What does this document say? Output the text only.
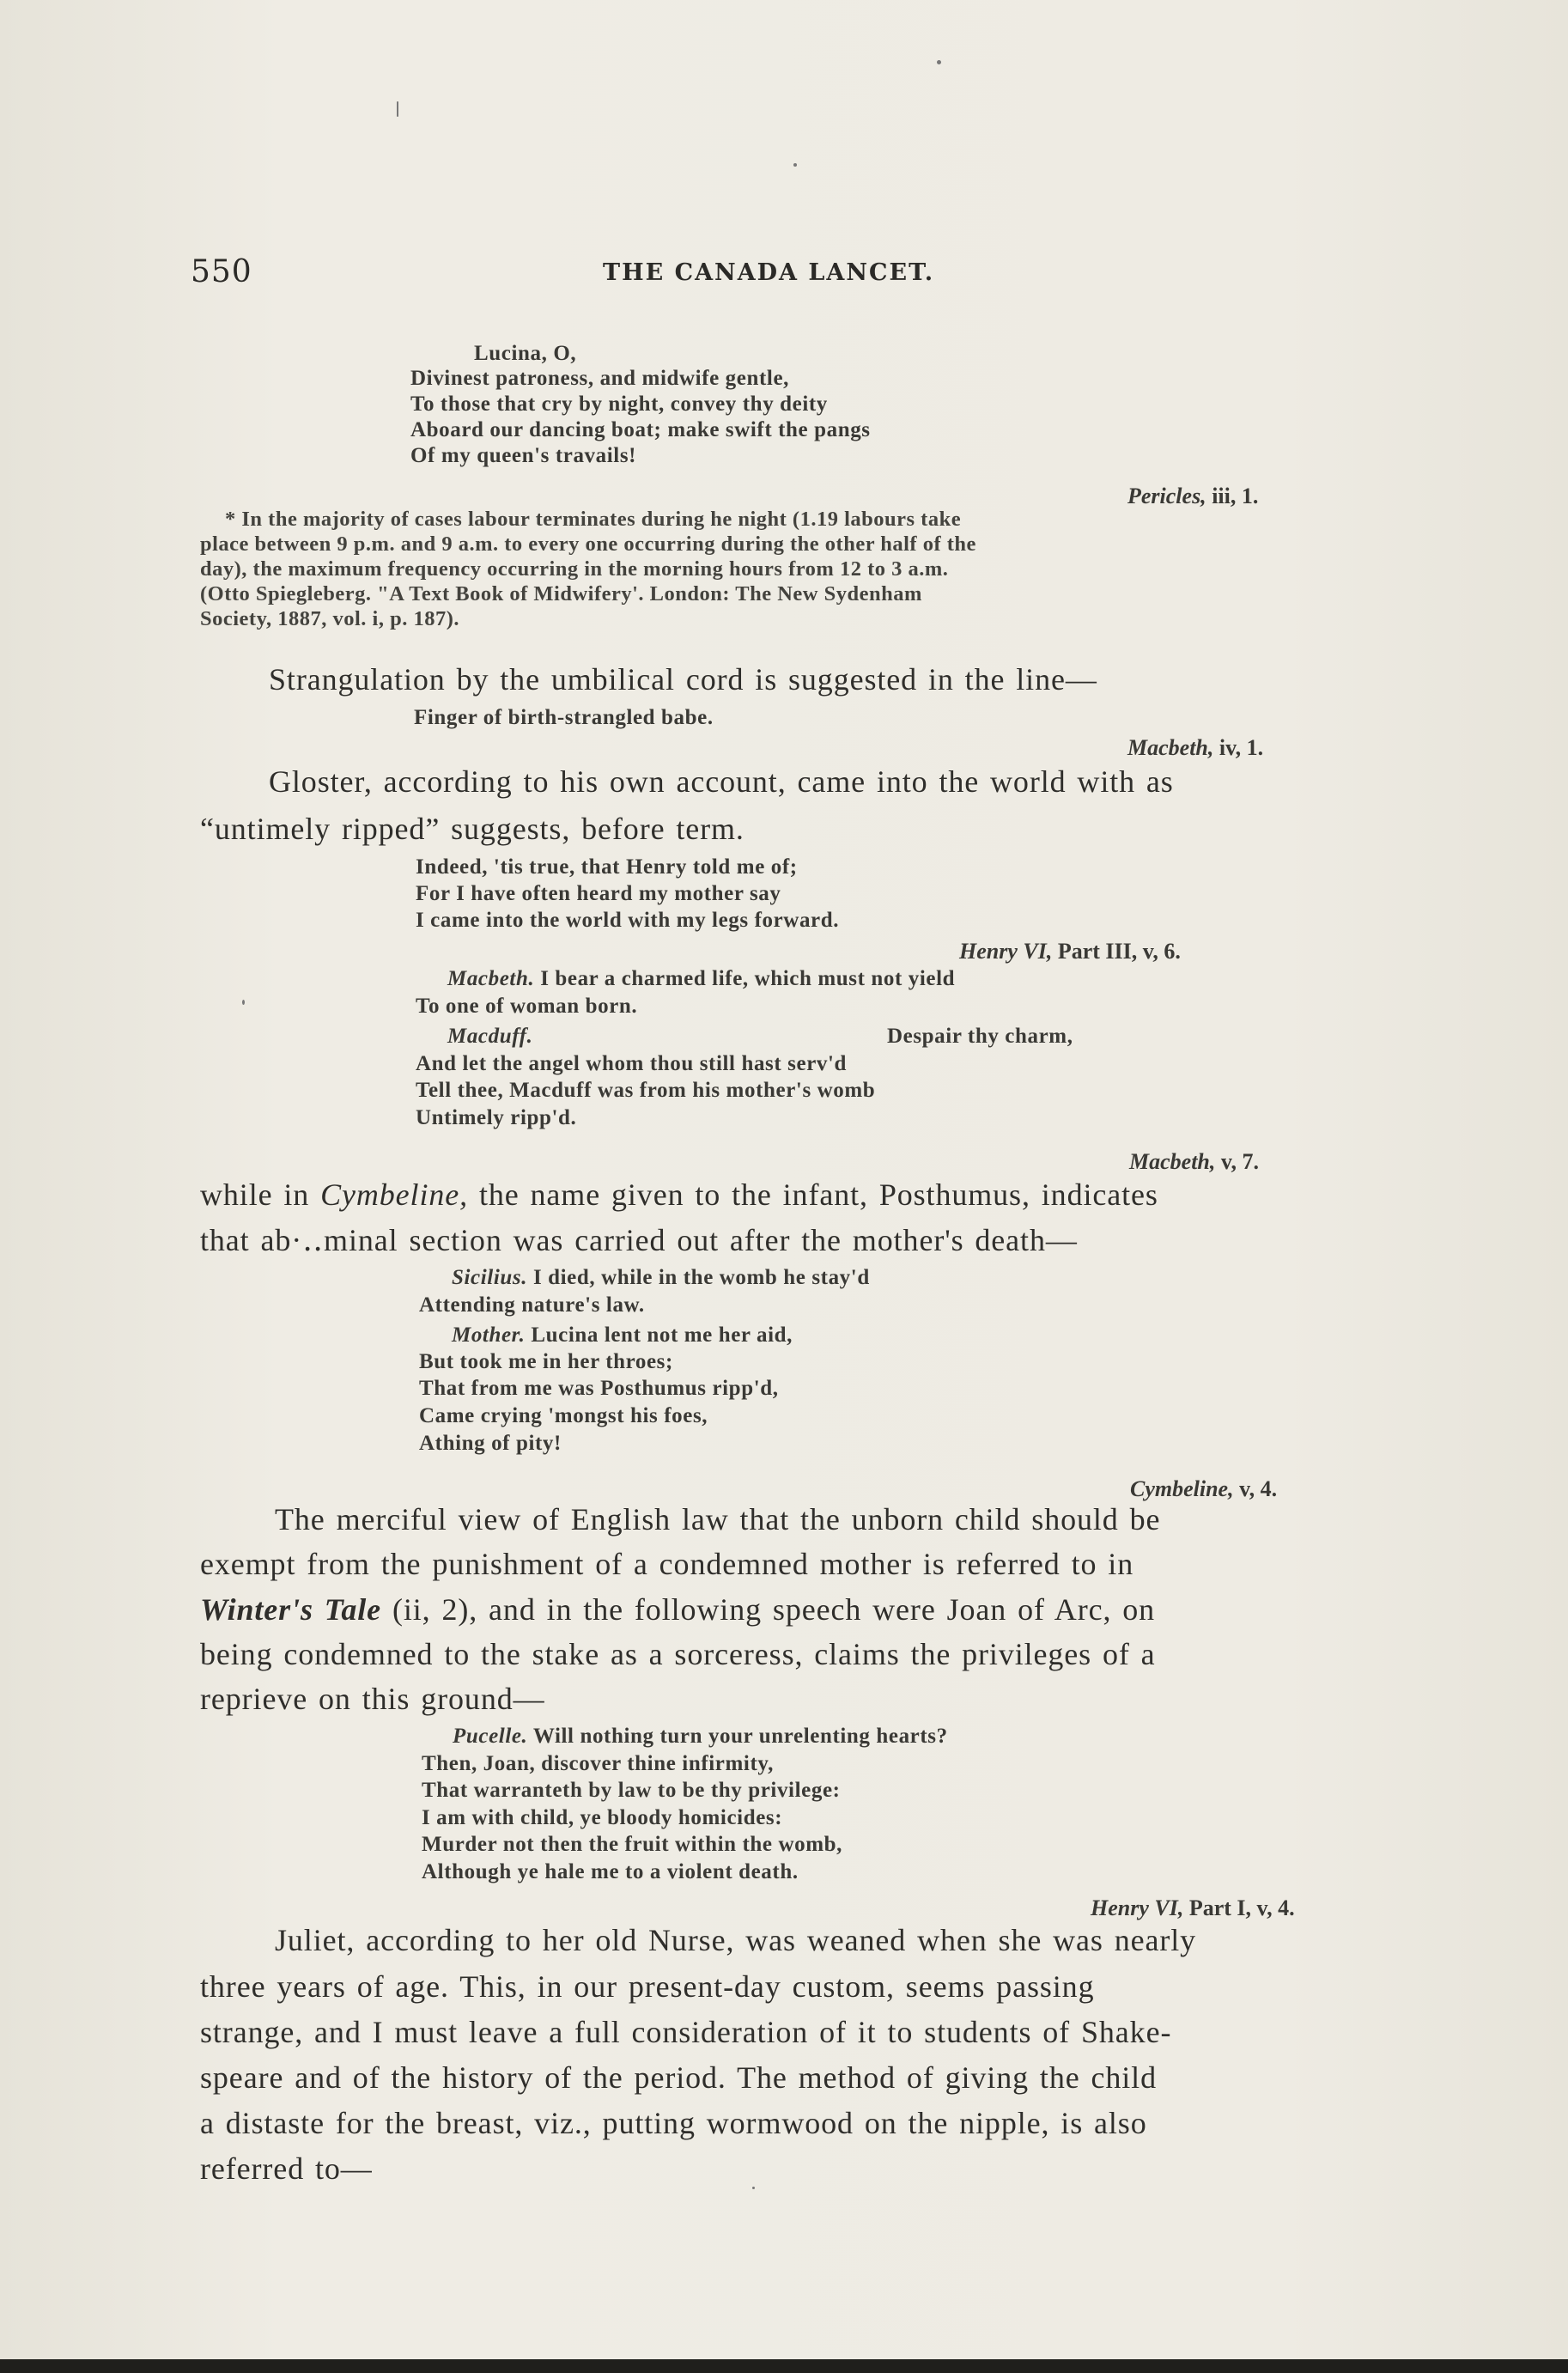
550	THE CANADA LANCET.
Lucina, O,
Divinest patroness, and midwife gentle,
To those that cry by night, convey thy deity
Aboard our dancing boat; make swift the pangs
Of my queen's travails!
Pericles, iii, 1.
* In the majority of cases labour terminates during he night (1.19 labours take
place between 9 p.m. and 9 a.m. to every one occurring during the other half of the
day), the maximum frequency occurring in the morning hours from 12 to 3 a.m.
(Otto Spiegleberg. "A Text Book of Midwifery'. London: The New Sydenham
Society, 1887, vol. i, p. 187).
Strangulation by the umbilical cord is suggested in the line—
Finger of birth-strangled babe.
Macbeth, iv, 1.
Gloster, according to his own account, came into the world with as
“untimely ripped” suggests, before term.
Indeed, 'tis true, that Henry told me of;
For I have often heard my mother say
I came into the world with my legs forward.
Henry VI, Part III, v, 6.
Macbeth. I bear a charmed life, which must not yield
To one of woman born.
Macduff.	Despair thy charm,
And let the angel whom thou still hast serv'd
Tell thee, Macduff was from his mother's womb
Untimely ripp'd.
Macbeth, v, 7.
while in Cymbeline, the name given to the infant, Posthumus, indicates
that ab·‥minal section was carried out after the mother's death—
Sicilius. I died, while in the womb he stay'd
Attending nature's law.
Mother. Lucina lent not me her aid,
But took me in her throes;
That from me was Posthumus ripp'd,
Came crying 'mongst his foes,
Athing of pity!
Cymbeline, v, 4.
The merciful view of English law that the unborn child should be
exempt from the punishment of a condemned mother is referred to in
Winter's Tale (ii, 2), and in the following speech were Joan of Arc, on
being condemned to the stake as a sorceress, claims the privileges of a
reprieve on this ground—
Pucelle. Will nothing turn your unrelenting hearts?
Then, Joan, discover thine infirmity,
That warranteth by law to be thy privilege:
I am with child, ye bloody homicides:
Murder not then the fruit within the womb,
Although ye hale me to a violent death.
Henry VI, Part I, v, 4.
Juliet, according to her old Nurse, was weaned when she was nearly
three years of age. This, in our present-day custom, seems passing
strange, and I must leave a full consideration of it to students of Shake-
speare and of the history of the period. The method of giving the child
a distaste for the breast, viz., putting wormwood on the nipple, is also
referred to—
